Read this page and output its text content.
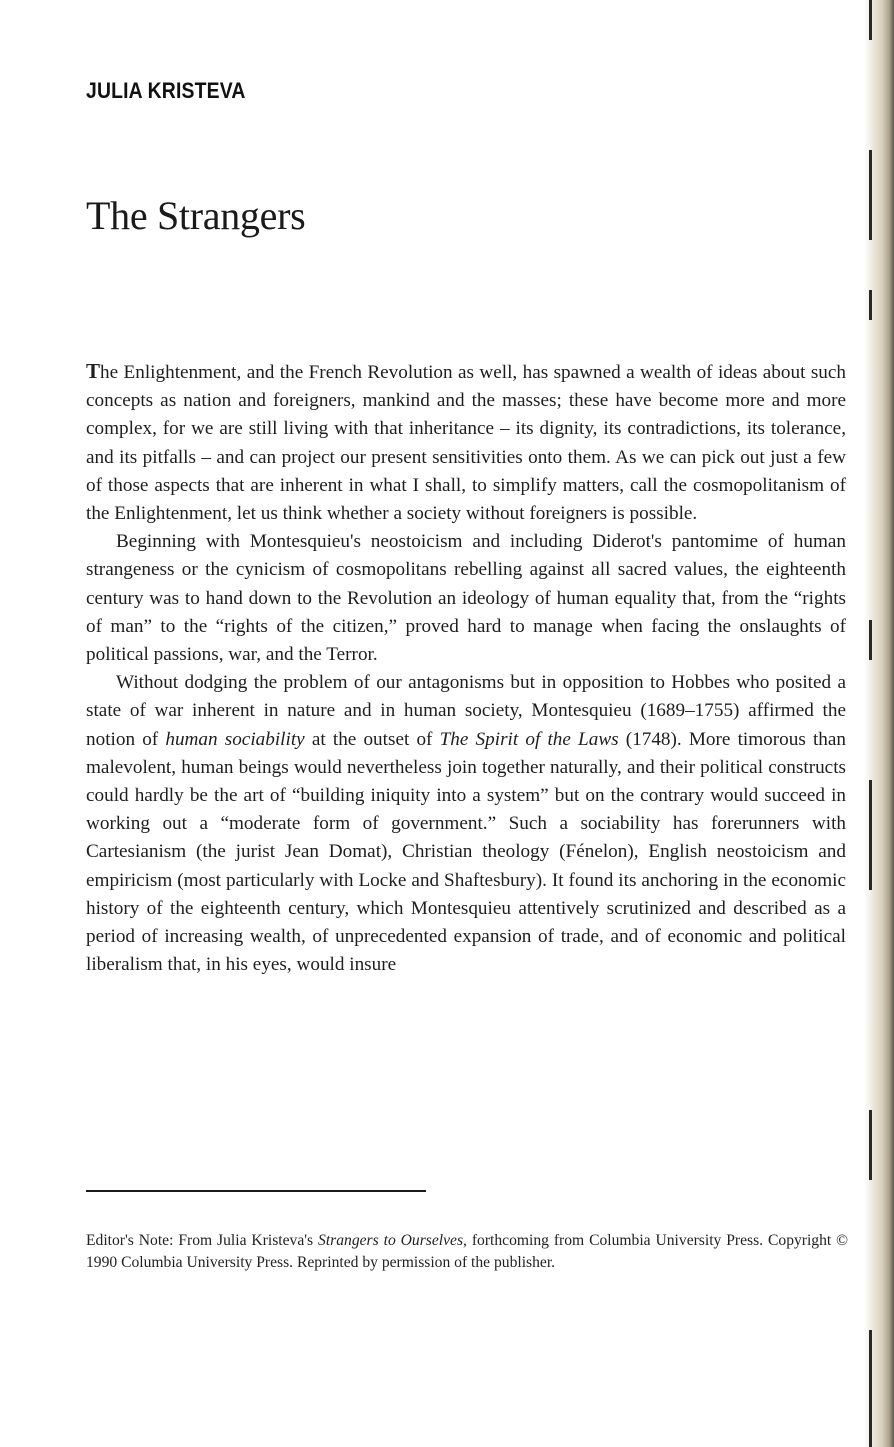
JULIA KRISTEVA
The Strangers

The Enlightenment, and the French Revolution as well, has spawned a wealth of ideas about such concepts as nation and foreigners, mankind and the masses; these have become more and more complex, for we are still living with that inheritance – its dignity, its contradictions, its tolerance, and its pitfalls – and can project our present sensitivities onto them. As we can pick out just a few of those aspects that are inherent in what I shall, to simplify matters, call the cosmopolitanism of the Enlightenment, let us think whether a society without foreigners is possible.

Beginning with Montesquieu's neostoicism and including Diderot's pantomime of human strangeness or the cynicism of cosmopolitans rebelling against all sacred values, the eighteenth century was to hand down to the Revolution an ideology of human equality that, from the “rights of man” to the “rights of the citizen,” proved hard to manage when facing the onslaughts of political passions, war, and the Terror.

Without dodging the problem of our antagonisms but in opposition to Hobbes who posited a state of war inherent in nature and in human society, Montesquieu (1689–1755) affirmed the notion of human sociability at the outset of The Spirit of the Laws (1748). More timorous than malevolent, human beings would nevertheless join together naturally, and their political constructs could hardly be the art of “building iniquity into a system” but on the contrary would succeed in working out a “moderate form of government.” Such a sociability has forerunners with Cartesianism (the jurist Jean Domat), Christian theology (Fénelon), English neostoicism and empiricism (most particularly with Locke and Shaftesbury). It found its anchoring in the economic history of the eighteenth century, which Montesquieu attentively scrutinized and described as a period of increasing wealth, of unprecedented expansion of trade, and of economic and political liberalism that, in his eyes, would insure

Editor's Note: From Julia Kristeva's Strangers to Ourselves, forthcoming from Columbia University Press. Copyright © 1990 Columbia University Press. Reprinted by permission of the publisher.
